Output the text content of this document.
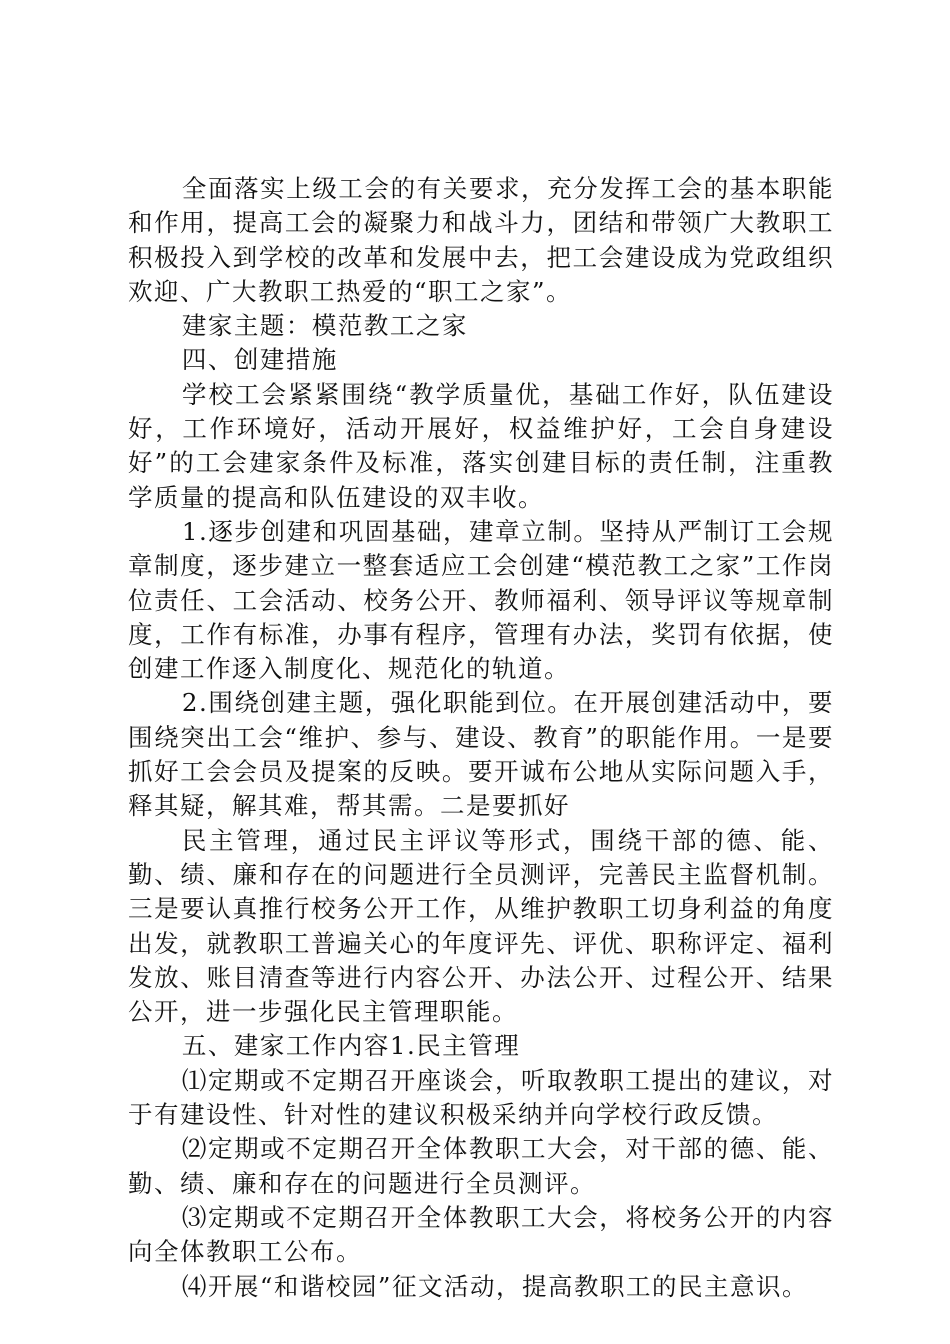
全面落实上级工会的有关要求，充分发挥工会的基本职能和作用，提高工会的凝聚力和战斗力，团结和带领广大教职工积极投入到学校的改革和发展中去，把工会建设成为党政组织欢迎、广大教职工热爱的“职工之家”。

建家主题：模范教工之家

四、创建措施

学校工会紧紧围绕“教学质量优，基础工作好，队伍建设好，工作环境好，活动开展好，权益维护好，工会自身建设好”的工会建家条件及标准，落实创建目标的责任制，注重教学质量的提高和队伍建设的双丰收。

1.逐步创建和巩固基础，建章立制。坚持从严制订工会规章制度，逐步建立一整套适应工会创建“模范教工之家”工作岗位责任、工会活动、校务公开、教师福利、领导评议等规章制度，工作有标准，办事有程序，管理有办法，奖罚有依据，使创建工作逐入制度化、规范化的轨道。

2.围绕创建主题，强化职能到位。在开展创建活动中，要围绕突出工会“维护、参与、建设、教育”的职能作用。一是要抓好工会会员及提案的反映。要开诚布公地从实际问题入手，释其疑，解其难，帮其需。二是要抓好

民主管理，通过民主评议等形式，围绕干部的德、能、勤、绩、廉和存在的问题进行全员测评，完善民主监督机制。三是要认真推行校务公开工作，从维护教职工切身利益的角度出发，就教职工普遍关心的年度评先、评优、职称评定、福利发放、账目清查等进行内容公开、办法公开、过程公开、结果公开，进一步强化民主管理职能。

五、建家工作内容1.民主管理

⑴定期或不定期召开座谈会，听取教职工提出的建议，对于有建设性、针对性的建议积极采纳并向学校行政反馈。

⑵定期或不定期召开全体教职工大会，对干部的德、能、勤、绩、廉和存在的问题进行全员测评。

⑶定期或不定期召开全体教职工大会，将校务公开的内容向全体教职工公布。

⑷开展“和谐校园”征文活动，提高教职工的民主意识。
